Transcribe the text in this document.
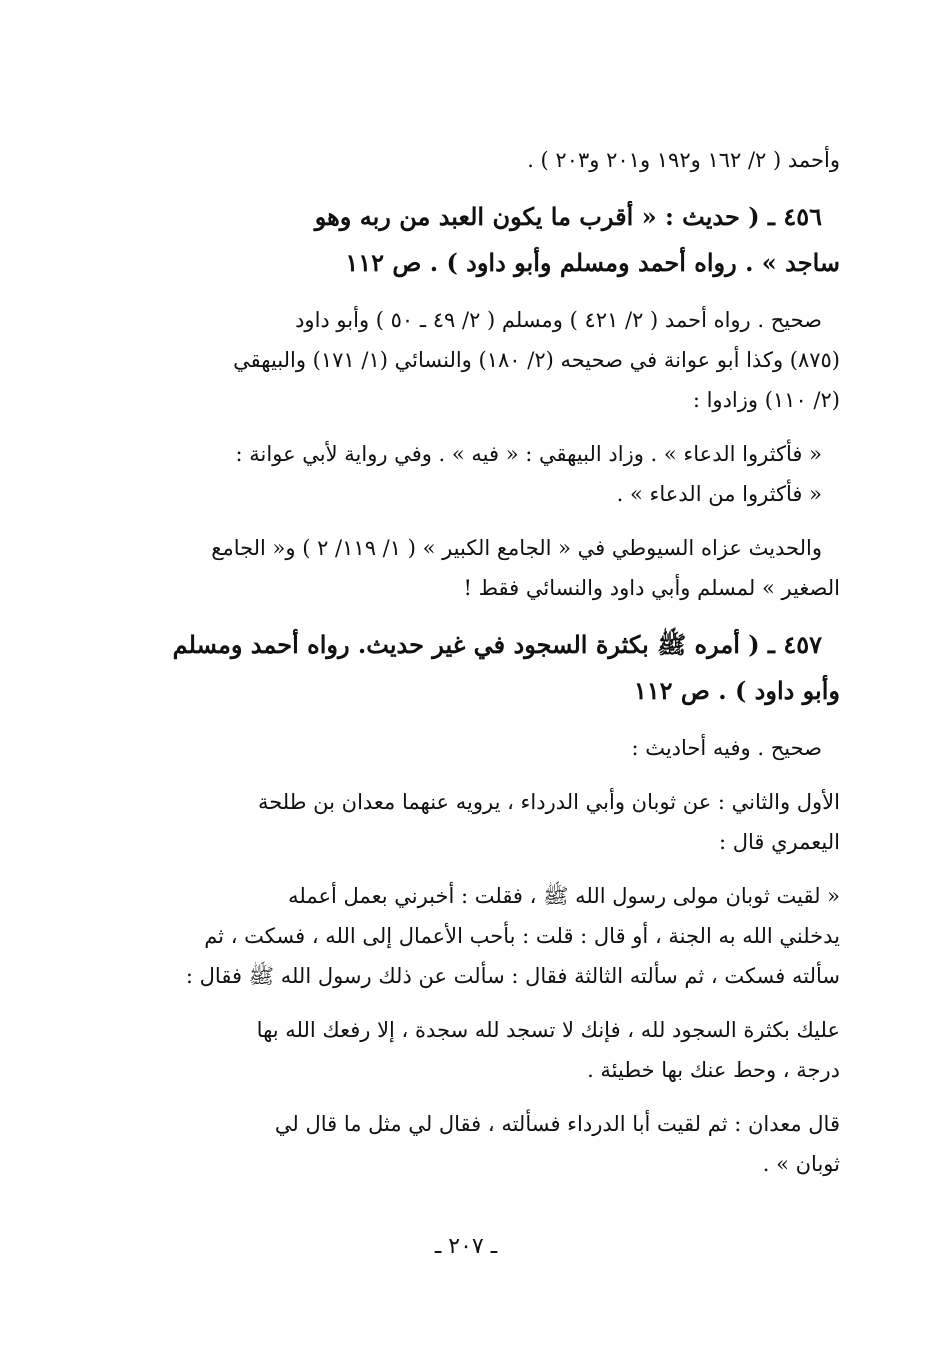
وأحمد ( ٢/ ١٦٢ و١٩٢ و٢٠١ و٢٠٣ ) .
٤٥٦ ـ ( حديث : « أقرب ما يكون العبد من ربه وهو
ساجد » . رواه أحمد ومسلم وأبو داود ) . ص ١١٢
صحيح . رواه أحمد ( ٢/ ٤٢١ ) ومسلم ( ٢/ ٤٩ ـ ٥٠ ) وأبو داود
(٨٧٥) وكذا أبو عوانة في صحيحه (٢/ ١٨٠) والنسائي (١/ ١٧١) والبيهقي
(٢/ ١١٠) وزادوا :
« فأكثروا الدعاء » . وزاد البيهقي : « فيه » . وفي رواية لأبي عوانة :
« فأكثروا من الدعاء » .
والحديث عزاه السيوطي في « الجامع الكبير » ( ١/ ١١٩/ ٢ ) و« الجامع
الصغير » لمسلم وأبي داود والنسائي فقط !
٤٥٧ ـ ( أمره ﷺ بكثرة السجود في غير حديث. رواه أحمد ومسلم
وأبو داود ) . ص ١١٢
صحيح . وفيه أحاديث :
الأول والثاني : عن ثوبان وأبي الدرداء ، يرويه عنهما معدان بن طلحة
اليعمري قال :
« لقيت ثوبان مولى رسول الله ﷺ ، فقلت : أخبرني بعمل أعمله
يدخلني الله به الجنة ، أو قال : قلت : بأحب الأعمال إلى الله ، فسكت ، ثم
سألته فسكت ، ثم سألته الثالثة فقال : سألت عن ذلك رسول الله ﷺ فقال :
عليك بكثرة السجود لله ، فإنك لا تسجد لله سجدة ، إلا رفعك الله بها
درجة ، وحط عنك بها خطيئة .
قال معدان : ثم لقيت أبا الدرداء فسألته ، فقال لي مثل ما قال لي
ثوبان » .
ـ ٢٠٧ ـ
